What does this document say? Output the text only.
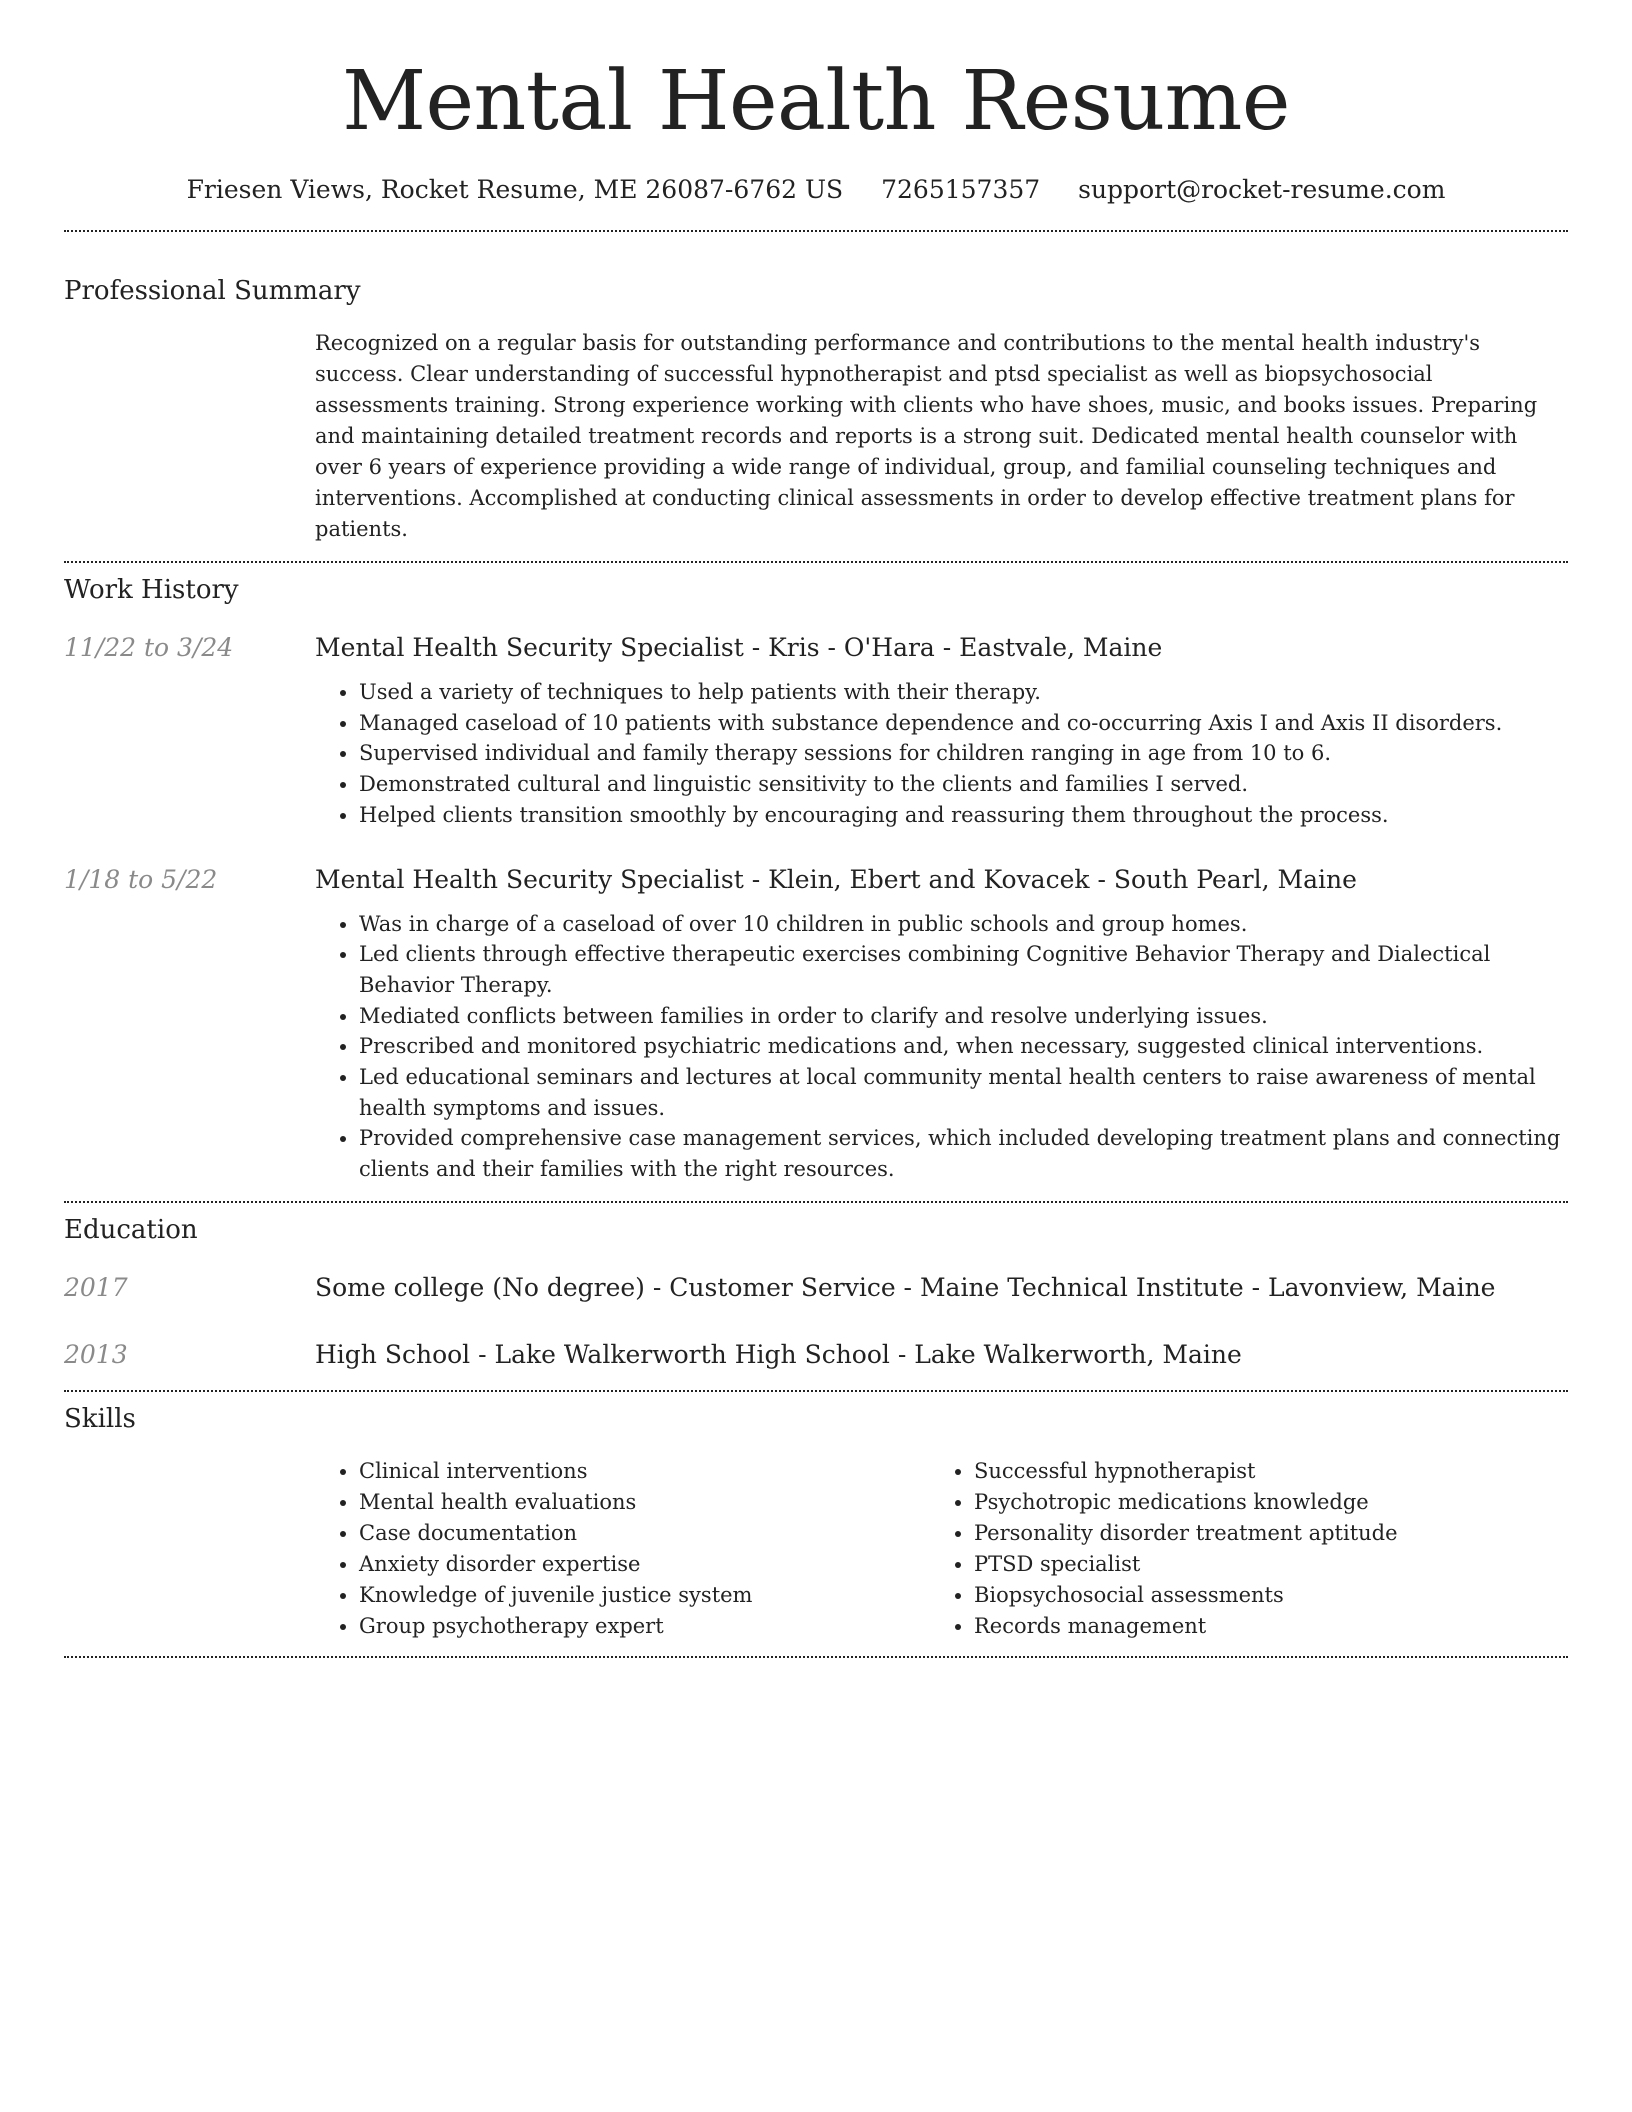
Mental Health Resume
Friesen Views, Rocket Resume, ME 26087-6762 US 7265157357 support@rocket-resume.com
Professional Summary

Recognized on a regular basis for outstanding performance and contributions to the mental health industry's success. Clear understanding of successful hypnotherapist and ptsd specialist as well as biopsychosocial assessments training. Strong experience working with clients who have shoes, music, and books issues. Preparing and maintaining detailed treatment records and reports is a strong suit. Dedicated mental health counselor with over 6 years of experience providing a wide range of individual, group, and familial counseling techniques and interventions. Accomplished at conducting clinical assessments in order to develop effective treatment plans for patients.

Work History
11/22 to 3/24	Mental Health Security Specialist - Kris - O'Hara - Eastvale, Maine
• Used a variety of techniques to help patients with their therapy.
• Managed caseload of 10 patients with substance dependence and co-occurring Axis I and Axis II disorders.
• Supervised individual and family therapy sessions for children ranging in age from 10 to 6.
• Demonstrated cultural and linguistic sensitivity to the clients and families I served.
• Helped clients transition smoothly by encouraging and reassuring them throughout the process.
1/18 to 5/22	Mental Health Security Specialist - Klein, Ebert and Kovacek - South Pearl, Maine
• Was in charge of a caseload of over 10 children in public schools and group homes.
• Led clients through effective therapeutic exercises combining Cognitive Behavior Therapy and Dialectical Behavior Therapy.
• Mediated conflicts between families in order to clarify and resolve underlying issues.
• Prescribed and monitored psychiatric medications and, when necessary, suggested clinical interventions.
• Led educational seminars and lectures at local community mental health centers to raise awareness of mental health symptoms and issues.
• Provided comprehensive case management services, which included developing treatment plans and connecting clients and their families with the right resources.
Education
2017	Some college (No degree) - Customer Service - Maine Technical Institute - Lavonview, Maine
2013	High School - Lake Walkerworth High School - Lake Walkerworth, Maine
Skills
• Clinical interventions
• Mental health evaluations
• Case documentation
• Anxiety disorder expertise
• Knowledge of juvenile justice system
• Group psychotherapy expert
• Successful hypnotherapist
• Psychotropic medications knowledge
• Personality disorder treatment aptitude
• PTSD specialist
• Biopsychosocial assessments
• Records management
